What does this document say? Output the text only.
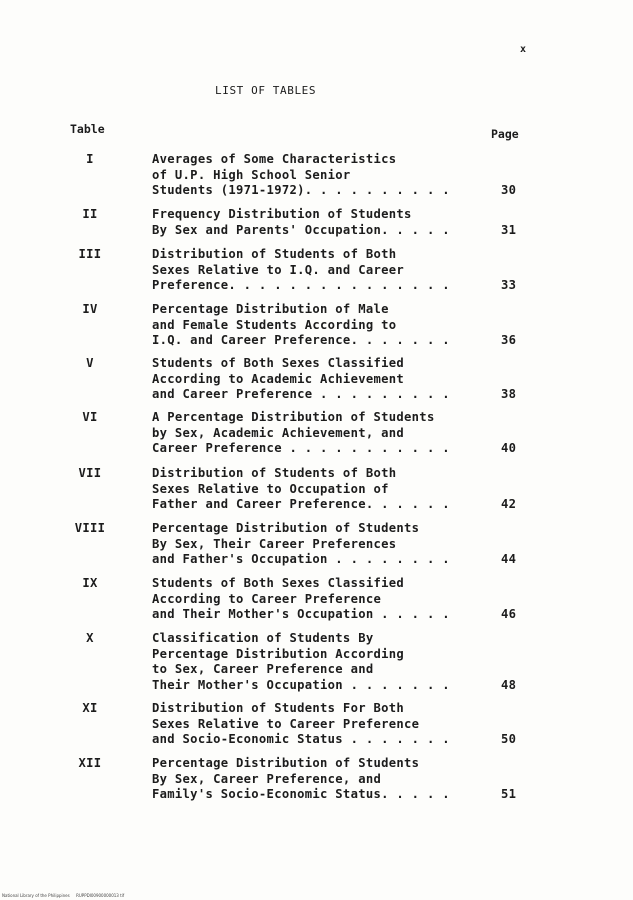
x
LIST OF TABLES
Table	Page
I	Averages of Some Characteristics
of U.P. High School Senior
Students (1971-1972). . . . . . . . . .	30
II	Frequency Distribution of Students
By Sex and Parents' Occupation. . . . .	31
III	Distribution of Students of Both
Sexes Relative to I.Q. and Career
Preference. . . . . . . . . . . . . . .	33
IV	Percentage Distribution of Male
and Female Students According to
I.Q. and Career Preference. . . . . . .	36
V	Students of Both Sexes Classified
According to Academic Achievement
and Career Preference . . . . . . . . .	38
VI	A Percentage Distribution of Students
by Sex, Academic Achievement, and
Career Preference . . . . . . . . . . .	40
VII	Distribution of Students of Both
Sexes Relative to Occupation of
Father and Career Preference. . . . . .	42
VIII	Percentage Distribution of Students
By Sex, Their Career Preferences
and Father's Occupation . . . . . . . .	44
IX	Students of Both Sexes Classified
According to Career Preference
and Their Mother's Occupation . . . . .	46
X	Classification of Students By
Percentage Distribution According
to Sex, Career Preference and
Their Mother's Occupation . . . . . . .	48
XI	Distribution of Students For Both
Sexes Relative to Career Preference
and Socio-Economic Status . . . . . . .	50
XII	Percentage Distribution of Students
By Sex, Career Preference, and
Family's Socio-Economic Status. . . . .	51
National Library of the Philippines     RUPPDI00900000013 tif
